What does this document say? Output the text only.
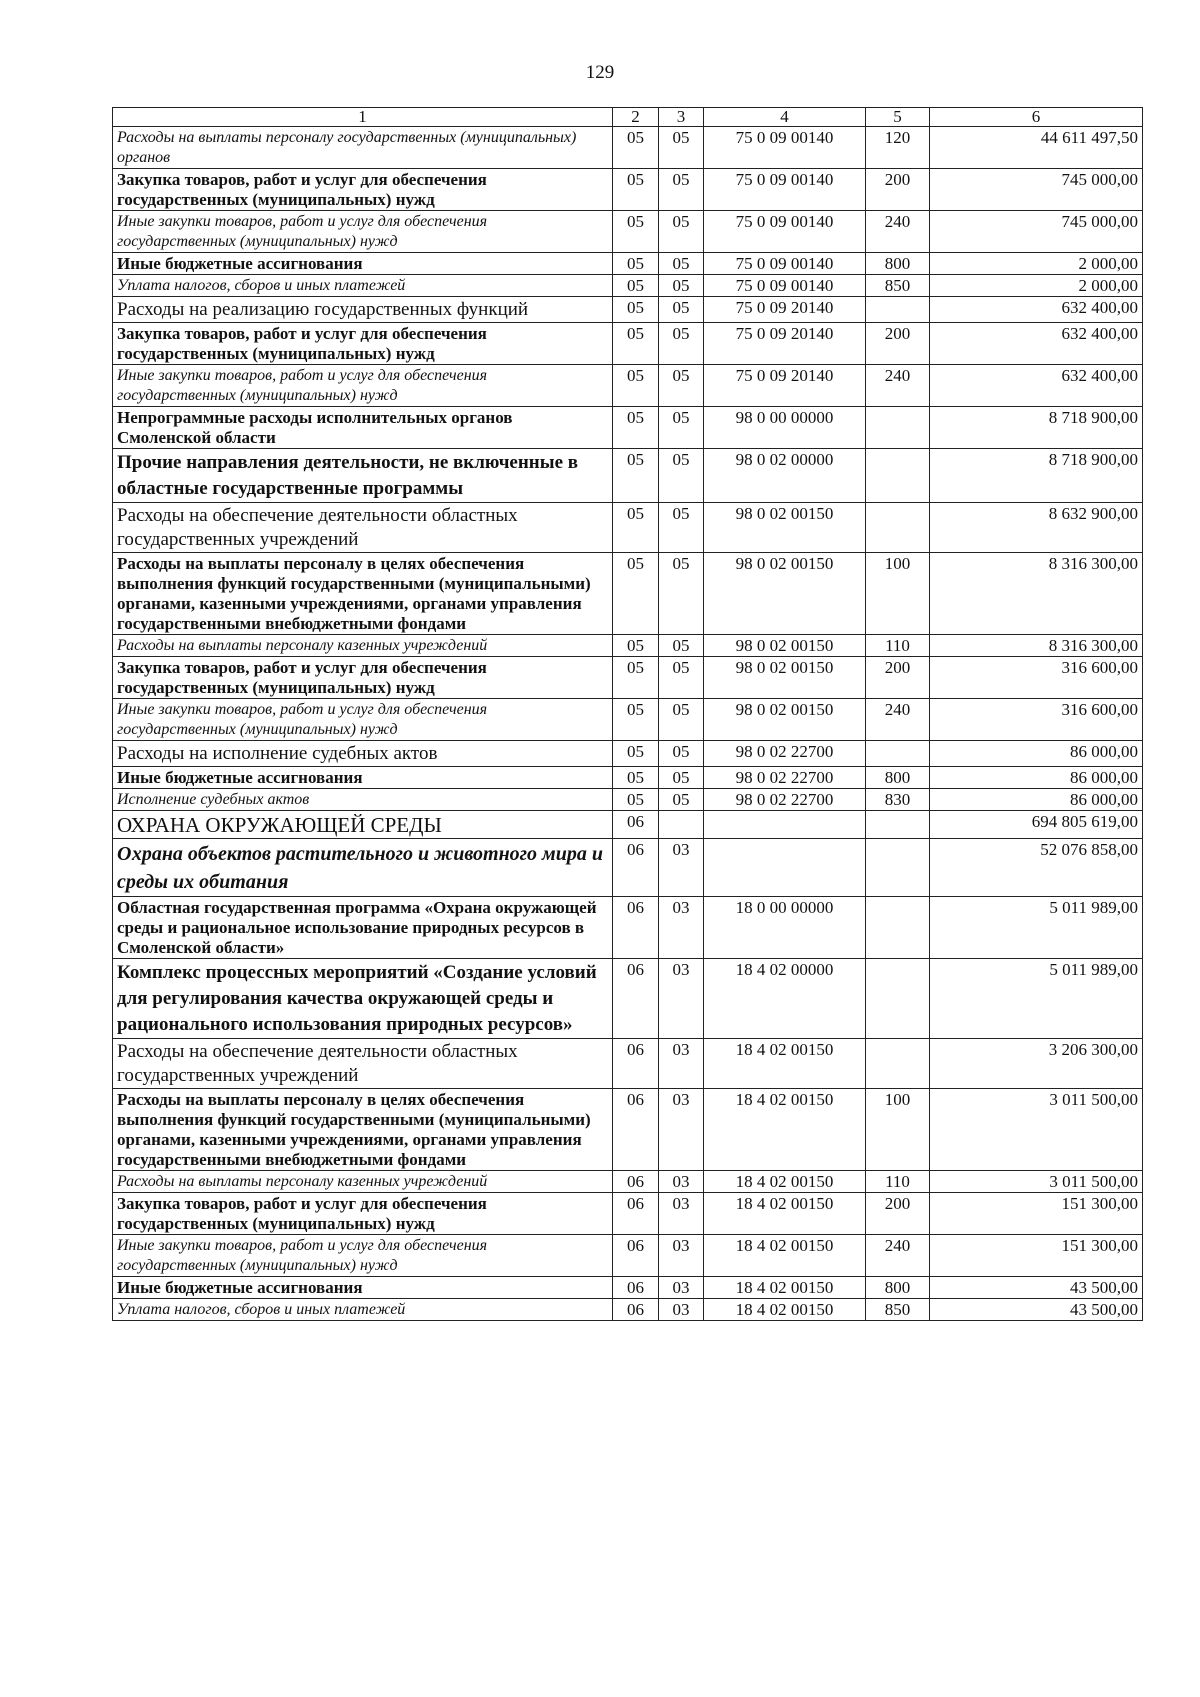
129
1	2	3	4	5	6
Расходы на выплаты персоналу государственных (муниципальных) органов	05	05	75 0 09 00140	120	44 611 497,50
Закупка товаров, работ и услуг для обеспечения государственных (муниципальных) нужд	05	05	75 0 09 00140	200	745 000,00
Иные закупки товаров, работ и услуг для обеспечения государственных (муниципальных) нужд	05	05	75 0 09 00140	240	745 000,00
Иные бюджетные ассигнования	05	05	75 0 09 00140	800	2 000,00
Уплата налогов, сборов и иных платежей	05	05	75 0 09 00140	850	2 000,00
Расходы на реализацию государственных функций	05	05	75 0 09 20140		632 400,00
Закупка товаров, работ и услуг для обеспечения государственных (муниципальных) нужд	05	05	75 0 09 20140	200	632 400,00
Иные закупки товаров, работ и услуг для обеспечения государственных (муниципальных) нужд	05	05	75 0 09 20140	240	632 400,00
Непрограммные расходы исполнительных органов Смоленской области	05	05	98 0 00 00000		8 718 900,00
Прочие направления деятельности, не включенные в областные государственные программы	05	05	98 0 02 00000		8 718 900,00
Расходы на обеспечение деятельности областных государственных учреждений	05	05	98 0 02 00150		8 632 900,00
Расходы на выплаты персоналу в целях обеспечения выполнения функций государственными (муниципальными) органами, казенными учреждениями, органами управления государственными внебюджетными фондами	05	05	98 0 02 00150	100	8 316 300,00
Расходы на выплаты персоналу казенных учреждений	05	05	98 0 02 00150	110	8 316 300,00
Закупка товаров, работ и услуг для обеспечения государственных (муниципальных) нужд	05	05	98 0 02 00150	200	316 600,00
Иные закупки товаров, работ и услуг для обеспечения государственных (муниципальных) нужд	05	05	98 0 02 00150	240	316 600,00
Расходы на исполнение судебных актов	05	05	98 0 02 22700		86 000,00
Иные бюджетные ассигнования	05	05	98 0 02 22700	800	86 000,00
Исполнение судебных актов	05	05	98 0 02 22700	830	86 000,00
ОХРАНА ОКРУЖАЮЩЕЙ СРЕДЫ	06				694 805 619,00
Охрана объектов растительного и животного мира и среды их обитания	06	03			52 076 858,00
Областная государственная программа «Охрана окружающей среды и рациональное использование природных ресурсов в Смоленской области»	06	03	18 0 00 00000		5 011 989,00
Комплекс процессных мероприятий «Создание условий для регулирования качества окружающей среды и рационального использования природных ресурсов»	06	03	18 4 02 00000		5 011 989,00
Расходы на обеспечение деятельности областных государственных учреждений	06	03	18 4 02 00150		3 206 300,00
Расходы на выплаты персоналу в целях обеспечения выполнения функций государственными (муниципальными) органами, казенными учреждениями, органами управления государственными внебюджетными фондами	06	03	18 4 02 00150	100	3 011 500,00
Расходы на выплаты персоналу казенных учреждений	06	03	18 4 02 00150	110	3 011 500,00
Закупка товаров, работ и услуг для обеспечения государственных (муниципальных) нужд	06	03	18 4 02 00150	200	151 300,00
Иные закупки товаров, работ и услуг для обеспечения государственных (муниципальных) нужд	06	03	18 4 02 00150	240	151 300,00
Иные бюджетные ассигнования	06	03	18 4 02 00150	800	43 500,00
Уплата налогов, сборов и иных платежей	06	03	18 4 02 00150	850	43 500,00
